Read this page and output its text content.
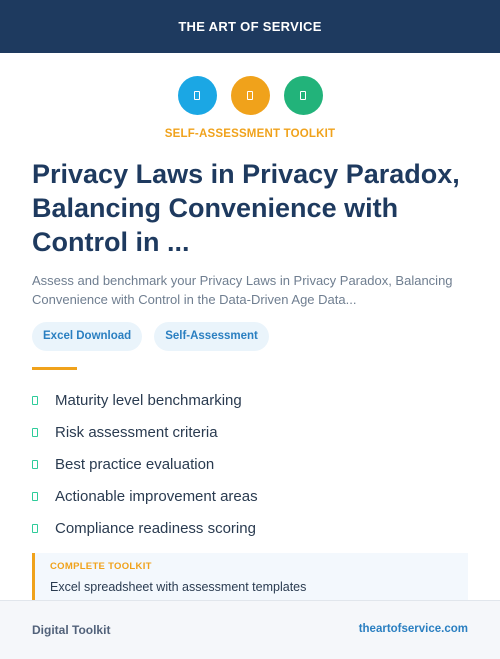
THE ART OF SERVICE
SELF-ASSESSMENT TOOLKIT
Privacy Laws in Privacy Paradox, Balancing Convenience with Control in ...

Assess and benchmark your Privacy Laws in Privacy Paradox, Balancing Convenience with Control in the Data-Driven Age Data...

Excel Download	Self-Assessment
Maturity level benchmarking
Risk assessment criteria
Best practice evaluation
Actionable improvement areas
Compliance readiness scoring
COMPLETE TOOLKIT
Excel spreadsheet with assessment templates
Digital Toolkit	theartofservice.com
